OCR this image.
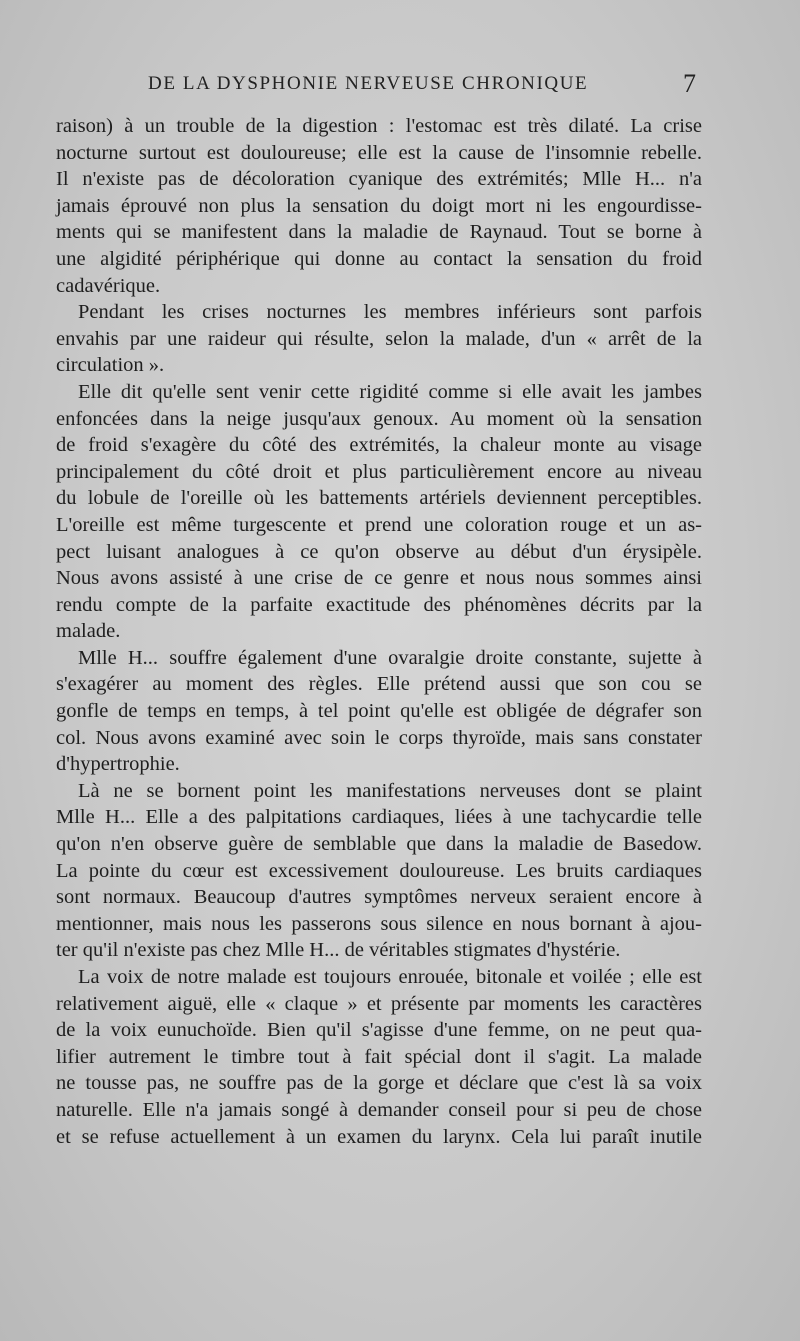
DE LA DYSPHONIE NERVEUSE CHRONIQUE	7
raison) à un trouble de la digestion : l'estomac est très dilaté. La crise
nocturne surtout est douloureuse; elle est la cause de l'insomnie rebelle.
Il n'existe pas de décoloration cyanique des extrémités; Mlle H... n'a
jamais éprouvé non plus la sensation du doigt mort ni les engourdisse-
ments qui se manifestent dans la maladie de Raynaud. Tout se borne à
une algidité périphérique qui donne au contact la sensation du froid
cadavérique.
Pendant les crises nocturnes les membres inférieurs sont parfois
envahis par une raideur qui résulte, selon la malade, d'un « arrêt de la
circulation ».
Elle dit qu'elle sent venir cette rigidité comme si elle avait les jambes
enfoncées dans la neige jusqu'aux genoux. Au moment où la sensation
de froid s'exagère du côté des extrémités, la chaleur monte au visage
principalement du côté droit et plus particulièrement encore au niveau
du lobule de l'oreille où les battements artériels deviennent perceptibles.
L'oreille est même turgescente et prend une coloration rouge et un as-
pect luisant analogues à ce qu'on observe au début d'un érysipèle.
Nous avons assisté à une crise de ce genre et nous nous sommes ainsi
rendu compte de la parfaite exactitude des phénomènes décrits par la
malade.
Mlle H... souffre également d'une ovaralgie droite constante, sujette à
s'exagérer au moment des règles. Elle prétend aussi que son cou se
gonfle de temps en temps, à tel point qu'elle est obligée de dégrafer son
col. Nous avons examiné avec soin le corps thyroïde, mais sans constater
d'hypertrophie.
Là ne se bornent point les manifestations nerveuses dont se plaint
Mlle H... Elle a des palpitations cardiaques, liées à une tachycardie telle
qu'on n'en observe guère de semblable que dans la maladie de Basedow.
La pointe du cœur est excessivement douloureuse. Les bruits cardiaques
sont normaux. Beaucoup d'autres symptômes nerveux seraient encore à
mentionner, mais nous les passerons sous silence en nous bornant à ajou-
ter qu'il n'existe pas chez Mlle H... de véritables stigmates d'hystérie.
La voix de notre malade est toujours enrouée, bitonale et voilée ; elle est
relativement aiguë, elle « claque » et présente par moments les caractères
de la voix eunuchoïde. Bien qu'il s'agisse d'une femme, on ne peut qua-
lifier autrement le timbre tout à fait spécial dont il s'agit. La malade
ne tousse pas, ne souffre pas de la gorge et déclare que c'est là sa voix
naturelle. Elle n'a jamais songé à demander conseil pour si peu de chose
et se refuse actuellement à un examen du larynx. Cela lui paraît inutile
